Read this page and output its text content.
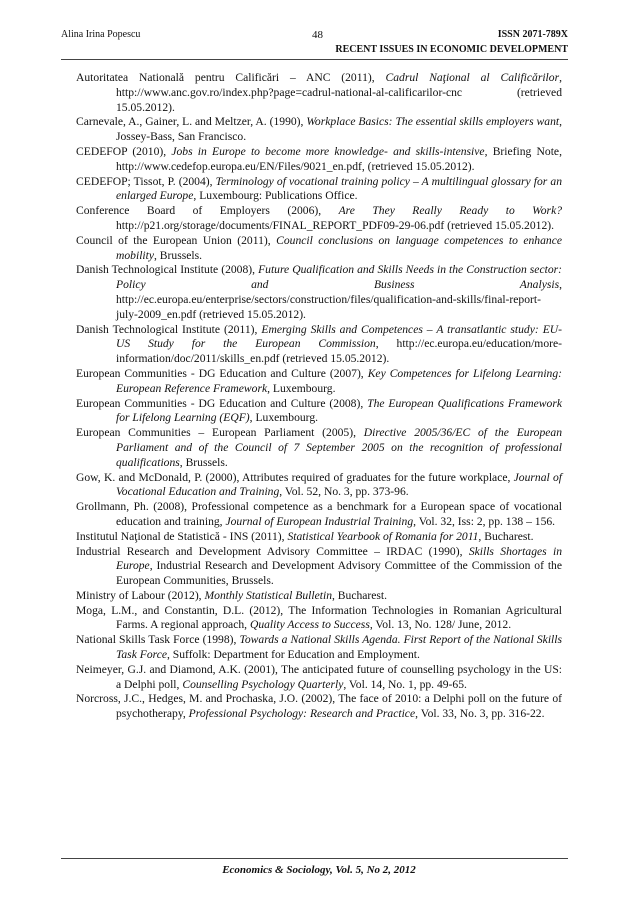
Alina Irina Popescu	48	ISSN 2071-789X
RECENT ISSUES IN ECONOMIC DEVELOPMENT
Autoritatea Natională pentru Calificări – ANC (2011), Cadrul Naţional al Calificărilor, http://www.anc.gov.ro/index.php?page=cadrul-national-al-calificarilor-cnc (retrieved 15.05.2012).
Carnevale, A., Gainer, L. and Meltzer, A. (1990), Workplace Basics: The essential skills employers want, Jossey-Bass, San Francisco.
CEDEFOP (2010), Jobs in Europe to become more knowledge- and skills-intensive, Briefing Note, http://www.cedefop.europa.eu/EN/Files/9021_en.pdf, (retrieved 15.05.2012).
CEDEFOP; Tissot, P. (2004), Terminology of vocational training policy – A multilingual glossary for an enlarged Europe, Luxembourg: Publications Office.
Conference Board of Employers (2006), Are They Really Ready to Work? http://p21.org/storage/documents/FINAL_REPORT_PDF09-29-06.pdf (retrieved 15.05.2012).
Council of the European Union (2011), Council conclusions on language competences to enhance mobility, Brussels.
Danish Technological Institute (2008), Future Qualification and Skills Needs in the Construction sector: Policy and Business Analysis, http://ec.europa.eu/enterprise/sectors/construction/files/qualification-and-skills/final-report-july-2009_en.pdf (retrieved 15.05.2012).
Danish Technological Institute (2011), Emerging Skills and Competences – A transatlantic study: EU-US Study for the European Commission, http://ec.europa.eu/education/more-information/doc/2011/skills_en.pdf (retrieved 15.05.2012).
European Communities - DG Education and Culture (2007), Key Competences for Lifelong Learning: European Reference Framework, Luxembourg.
European Communities - DG Education and Culture (2008), The European Qualifications Framework for Lifelong Learning (EQF), Luxembourg.
European Communities – European Parliament (2005), Directive 2005/36/EC of the European Parliament and of the Council of 7 September 2005 on the recognition of professional qualifications, Brussels.
Gow, K. and McDonald, P. (2000), Attributes required of graduates for the future workplace, Journal of Vocational Education and Training, Vol. 52, No. 3, pp. 373-96.
Grollmann, Ph. (2008), Professional competence as a benchmark for a European space of vocational education and training, Journal of European Industrial Training, Vol. 32, Iss: 2, pp. 138 – 156.
Institutul Naţional de Statistică - INS (2011), Statistical Yearbook of Romania for 2011, Bucharest.
Industrial Research and Development Advisory Committee – IRDAC (1990), Skills Shortages in Europe, Industrial Research and Development Advisory Committee of the Commission of the European Communities, Brussels.
Ministry of Labour (2012), Monthly Statistical Bulletin, Bucharest.
Moga, L.M., and Constantin, D.L. (2012), The Information Technologies in Romanian Agricultural Farms. A regional approach, Quality Access to Success, Vol. 13, No. 128/ June, 2012.
National Skills Task Force (1998), Towards a National Skills Agenda. First Report of the National Skills Task Force, Suffolk: Department for Education and Employment.
Neimeyer, G.J. and Diamond, A.K. (2001), The anticipated future of counselling psychology in the US: a Delphi poll, Counselling Psychology Quarterly, Vol. 14, No. 1, pp. 49-65.
Norcross, J.C., Hedges, M. and Prochaska, J.O. (2002), The face of 2010: a Delphi poll on the future of psychotherapy, Professional Psychology: Research and Practice, Vol. 33, No. 3, pp. 316-22.
Economics & Sociology, Vol. 5, No 2, 2012
